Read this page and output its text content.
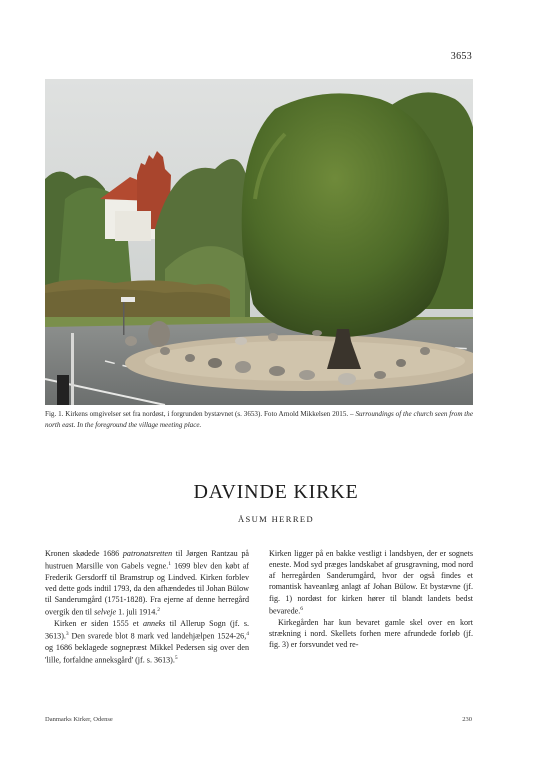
3653
Fig. 1. Kirkens omgivelser set fra nordøst, i forgrunden bystævnet (s. 3653). Foto Arnold Mikkelsen 2015. – Surroundings of the church seen from the north east. In the foreground the village meeting place.
DAVINDE KIRKE
ÅSUM HERRED

Kronen skødede 1686 patronatsretten til Jørgen Rantzau på hustruen Marsille von Gabels vegne.$^1$ 1699 blev den købt af Frederik Gersdorff til Bramstrup og Lindved. Kirken forblev ved dette gods indtil 1793, da den afhændedes til Johan Bülow til Sanderumgård (1751-1828). Fra ejerne af denne herregård overgik den til selveje 1. juli 1914.$^2$

Kirken er siden 1555 et anneks til Allerup Sogn (jf. s. 3613).$^3$ Den svarede blot 8 mark ved landehjælpen 1524-26,$^4$ og 1686 beklagede sognepræst Mikkel Pedersen sig over den 'lille, forfaldne anneksgård' (jf. s. 3613).$^5$

Kirken ligger på en bakke vestligt i landsbyen, der er sognets eneste. Mod syd præges landskabet af grusgravning, mod nord af herregården Sanderumgård, hvor der også findes et romantisk haveanlæg anlagt af Johan Bülow. Et bystævne (jf. fig. 1) nordøst for kirken hører til blandt landets bedst bevarede.$^6$

Kirkegården har kun bevaret gamle skel over en kort strækning i nord. Skellets forhen mere afrundede forløb (jf. fig. 3) er forsvundet ved re-

Danmarks Kirker, Odense	230
